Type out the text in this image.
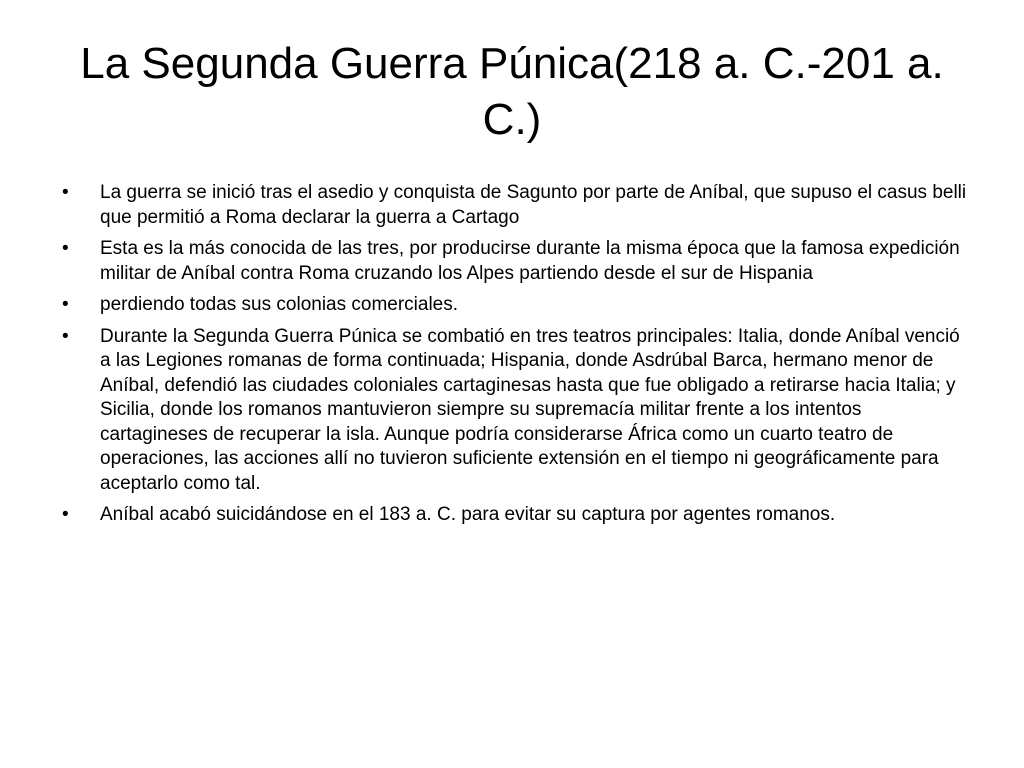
La Segunda Guerra Púnica(218 a. C.-201 a. C.)
•	La guerra se inició tras el asedio y conquista de Sagunto por parte de Aníbal, que supuso el casus belli que permitió a Roma declarar la guerra a Cartago
•	Esta es la más conocida de las tres, por producirse durante la misma época que la famosa expedición militar de Aníbal contra Roma cruzando los Alpes partiendo desde el sur de Hispania
•	perdiendo todas sus colonias comerciales.
•	Durante la Segunda Guerra Púnica se combatió en tres teatros principales: Italia, donde Aníbal venció a las Legiones romanas de forma continuada; Hispania, donde Asdrúbal Barca, hermano menor de Aníbal, defendió las ciudades coloniales cartaginesas hasta que fue obligado a retirarse hacia Italia; y Sicilia, donde los romanos mantuvieron siempre su supremacía militar frente a los intentos cartagineses de recuperar la isla. Aunque podría considerarse África como un cuarto teatro de operaciones, las acciones allí no tuvieron suficiente extensión en el tiempo ni geográficamente para aceptarlo como tal.
•	Aníbal acabó suicidándose en el 183 a. C. para evitar su captura por agentes romanos.
